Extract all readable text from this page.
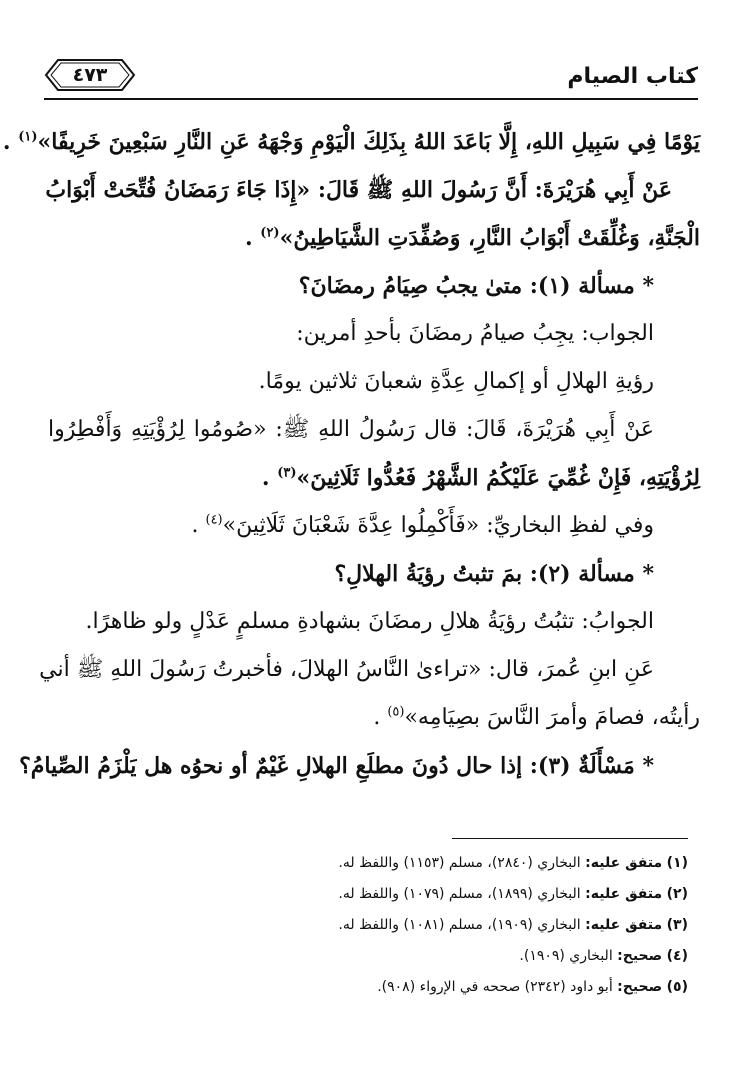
كتاب الصيام
٤٧٣
يَوْمًا فِي سَبِيلِ اللهِ، إِلَّا بَاعَدَ اللهُ بِذَلِكَ الْيَوْمِ وَجْهَهُ عَنِ النَّارِ سَبْعِينَ خَرِيفًا»$^{(١)}$ .
عَنْ أَبِي هُرَيْرَةَ: أَنَّ رَسُولَ اللهِ ﷺ قَالَ: «إِذَا جَاءَ رَمَضَانُ فُتِّحَتْ أَبْوَابُ
الْجَنَّةِ، وَغُلِّقَتْ أَبْوَابُ النَّارِ، وَصُفِّدَتِ الشَّيَاطِينُ»$^{(٢)}$ .
* مسألة (١): متىٰ يجبُ صِيَامُ رمضَانَ؟
الجواب: يجِبُ صيامُ رمضَانَ بأحدِ أمرين:
رؤيةِ الهلالِ أو إكمالِ عِدَّةِ شعبانَ ثلاثين يومًا.
عَنْ أَبِي هُرَيْرَةَ، قَالَ: قال رَسُولُ اللهِ ﷺ: «صُومُوا لِرُؤْيَتِهِ وَأَفْطِرُوا
لِرُؤْيَتِهِ، فَإِنْ غُمِّيَ عَلَيْكُمُ الشَّهْرُ فَعُدُّوا ثَلَاثِينَ»$^{(٣)}$ .
وفي لفظِ البخاريِّ: «فَأَكْمِلُوا عِدَّةَ شَعْبَانَ ثَلَاثِينَ»$^{(٤)}$ .
* مسألة (٢): بمَ تثبتُ رؤيَةُ الهلالِ؟
الجوابُ: تثبُتُ رؤيَةُ هلالِ رمضَانَ بشهادةِ مسلمٍ عَدْلٍ ولو ظاهرًا.
عَنِ ابنِ عُمرَ، قال: «تراءىٰ النَّاسُ الهلالَ، فأخبرتُ رَسُولَ اللهِ ﷺ أني
رأيتُه، فصامَ وأمرَ النَّاسَ بصِيَامِه»$^{(٥)}$ .
* مَسْأَلَةٌ (٣): إذا حال دُونَ مطلَعِ الهلالِ غَيْمٌ أو نحوُه هل يَلْزَمُ الصِّيامُ؟
(١) متفق عليه: البخاري (٢٨٤٠)، مسلم (١١٥٣) واللفظ له.
(٢) متفق عليه: البخاري (١٨٩٩)، مسلم (١٠٧٩) واللفظ له.
(٣) متفق عليه: البخاري (١٩٠٩)، مسلم (١٠٨١) واللفظ له.
(٤) صحيح: البخاري (١٩٠٩).
(٥) صحيح: أبو داود (٢٣٤٢) صححه في الإرواء (٩٠٨).
